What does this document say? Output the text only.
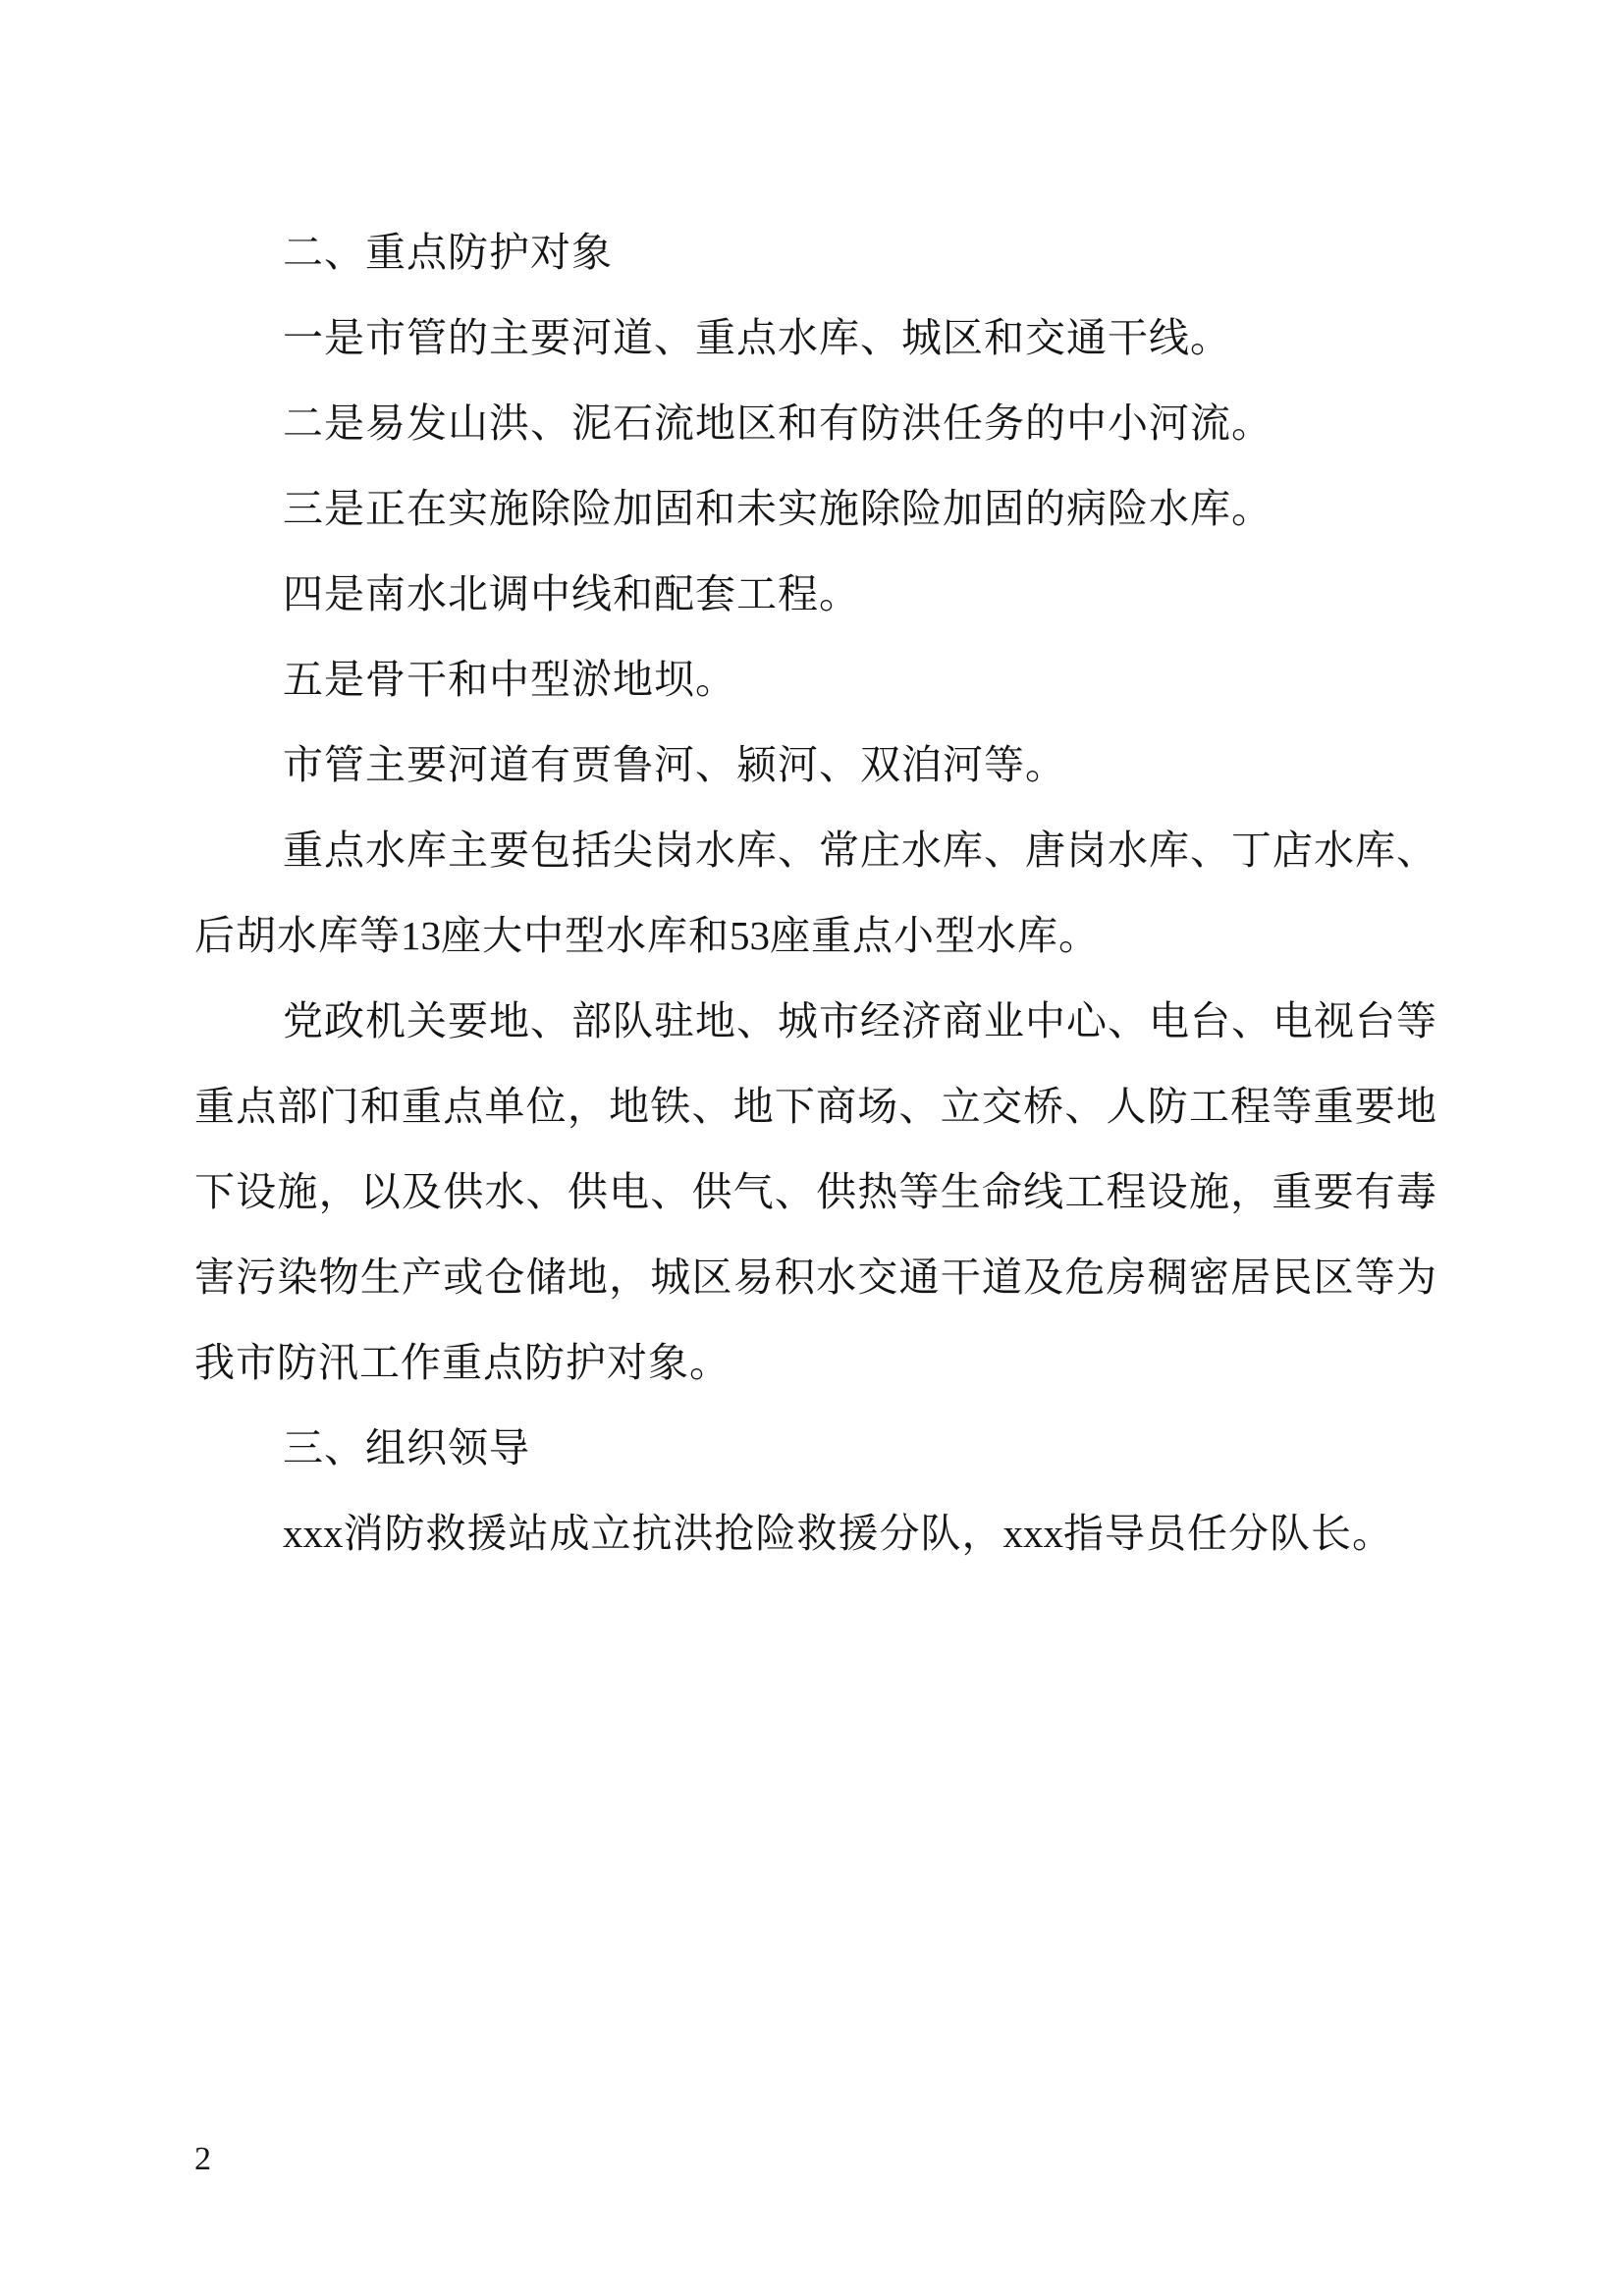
二、重点防护对象

一是市管的主要河道、重点水库、城区和交通干线。

二是易发山洪、泥石流地区和有防洪任务的中小河流。

三是正在实施除险加固和未实施除险加固的病险水库。

四是南水北调中线和配套工程。

五是骨干和中型淤地坝。

市管主要河道有贾鲁河、颍河、双洎河等。

重点水库主要包括尖岗水库、常庄水库、唐岗水库、丁店水库、后胡水库等13座大中型水库和53座重点小型水库。

党政机关要地、部队驻地、城市经济商业中心、电台、电视台等重点部门和重点单位，地铁、地下商场、立交桥、人防工程等重要地下设施，以及供水、供电、供气、供热等生命线工程设施，重要有毒害污染物生产或仓储地，城区易积水交通干道及危房稠密居民区等为我市防汛工作重点防护对象。

三、组织领导

xxx消防救援站成立抗洪抢险救援分队，xxx指导员任分队长。

2
